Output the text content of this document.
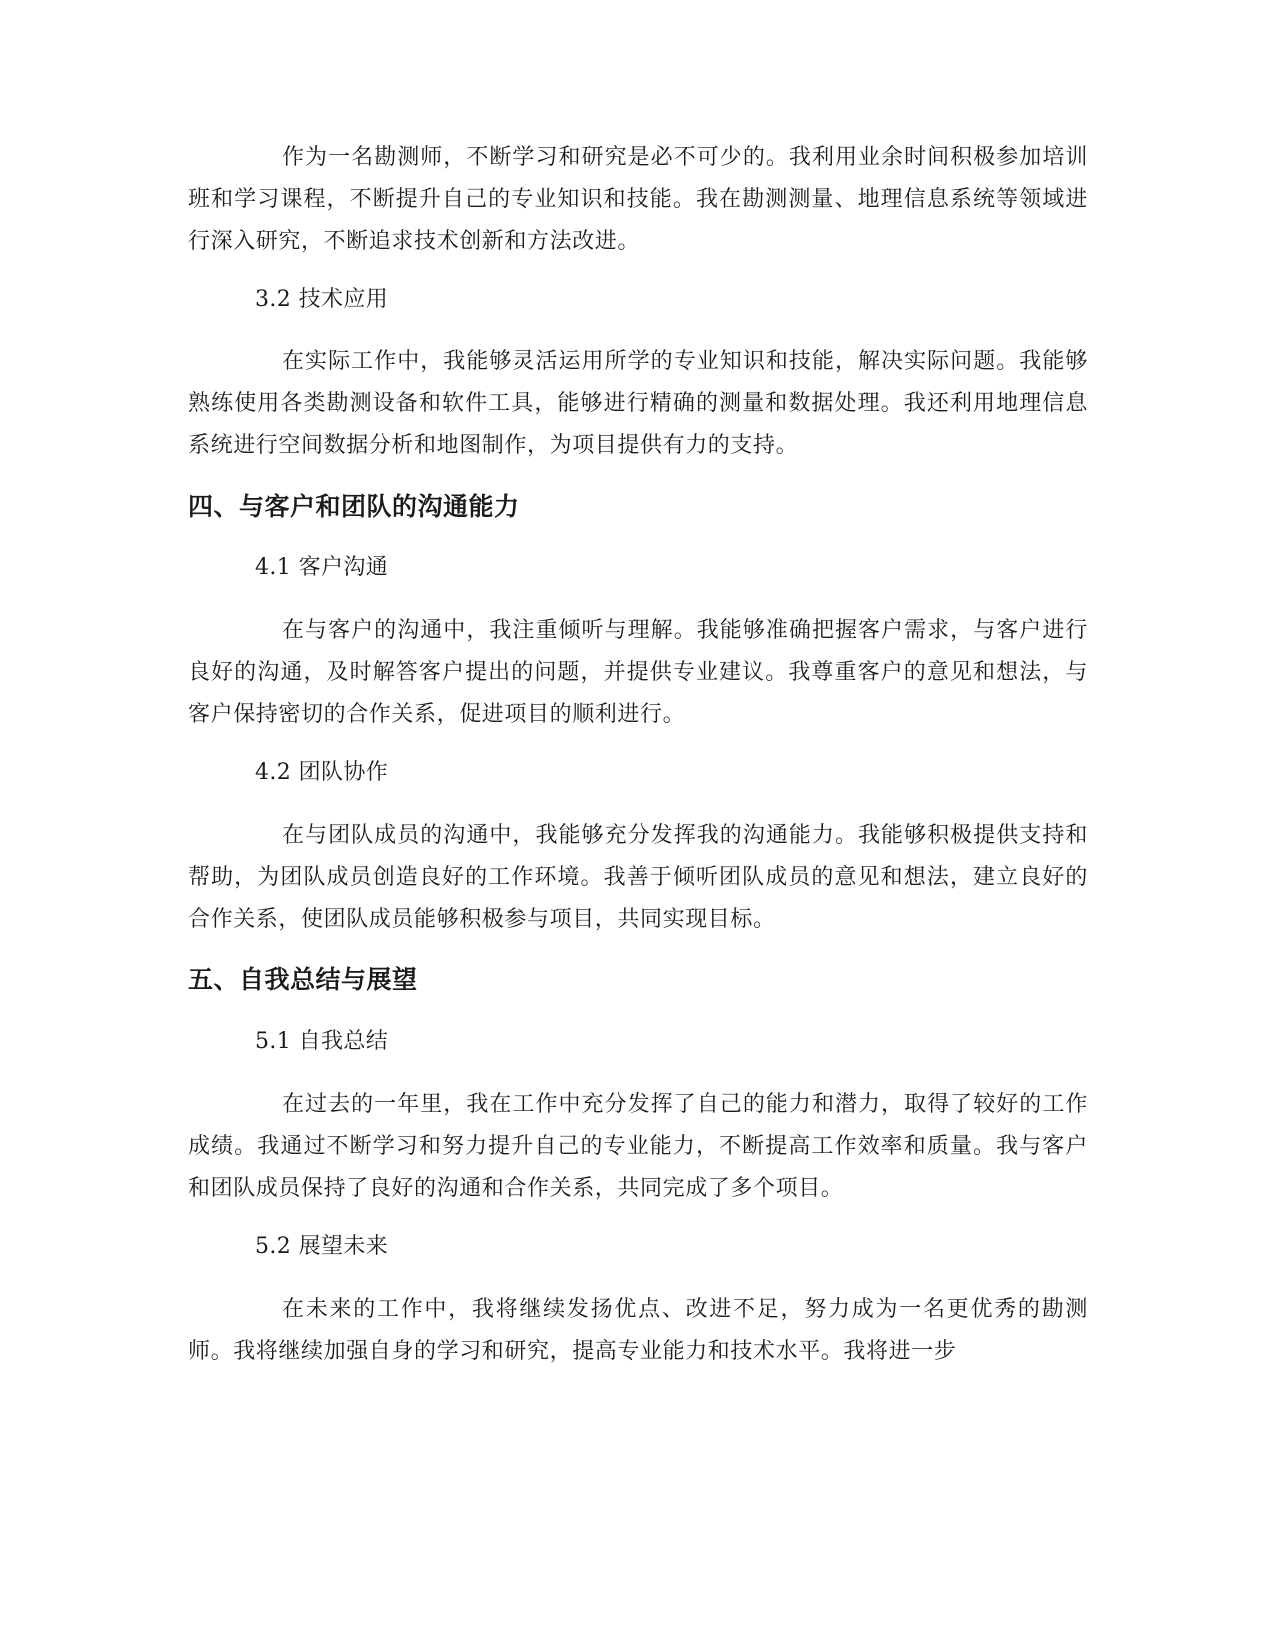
作为一名勘测师，不断学习和研究是必不可少的。我利用业余时间积极参加培训班和学习课程，不断提升自己的专业知识和技能。我在勘测测量、地理信息系统等领域进行深入研究，不断追求技术创新和方法改进。

3.2 技术应用

在实际工作中，我能够灵活运用所学的专业知识和技能，解决实际问题。我能够熟练使用各类勘测设备和软件工具，能够进行精确的测量和数据处理。我还利用地理信息系统进行空间数据分析和地图制作，为项目提供有力的支持。

四、与客户和团队的沟通能力

4.1 客户沟通

在与客户的沟通中，我注重倾听与理解。我能够准确把握客户需求，与客户进行良好的沟通，及时解答客户提出的问题，并提供专业建议。我尊重客户的意见和想法，与客户保持密切的合作关系，促进项目的顺利进行。

4.2 团队协作

在与团队成员的沟通中，我能够充分发挥我的沟通能力。我能够积极提供支持和帮助，为团队成员创造良好的工作环境。我善于倾听团队成员的意见和想法，建立良好的合作关系，使团队成员能够积极参与项目，共同实现目标。

五、自我总结与展望

5.1 自我总结

在过去的一年里，我在工作中充分发挥了自己的能力和潜力，取得了较好的工作成绩。我通过不断学习和努力提升自己的专业能力，不断提高工作效率和质量。我与客户和团队成员保持了良好的沟通和合作关系，共同完成了多个项目。

5.2 展望未来

在未来的工作中，我将继续发扬优点、改进不足，努力成为一名更优秀的勘测师。我将继续加强自身的学习和研究，提高专业能力和技术水平。我将进一步
